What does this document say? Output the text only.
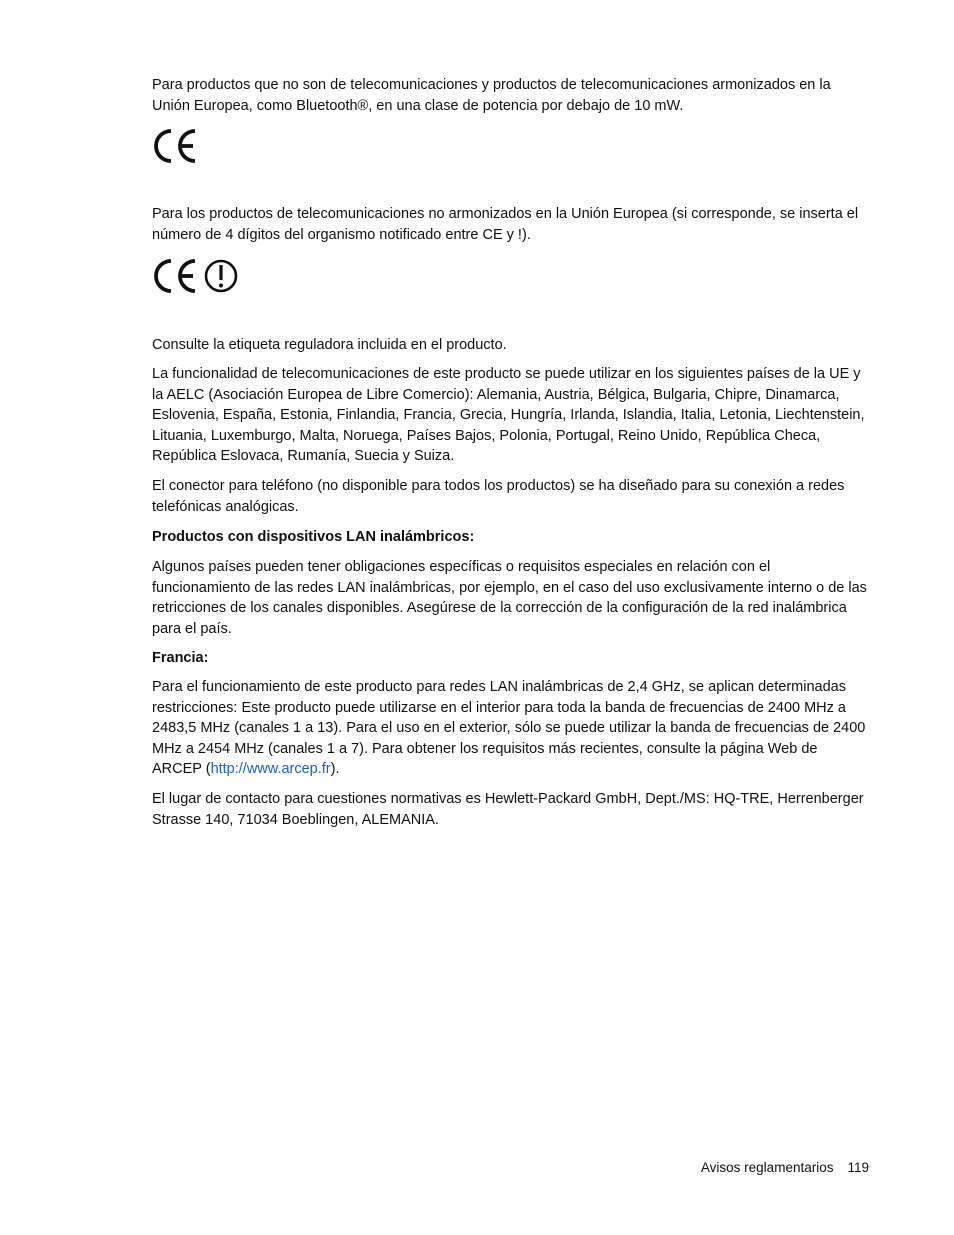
Para productos que no son de telecomunicaciones y productos de telecomunicaciones armonizados en la Unión Europea, como Bluetooth®, en una clase de potencia por debajo de 10 mW.

Para los productos de telecomunicaciones no armonizados en la Unión Europea (si corresponde, se inserta el número de 4 dígitos del organismo notificado entre CE y !).

Consulte la etiqueta reguladora incluida en el producto.

La funcionalidad de telecomunicaciones de este producto se puede utilizar en los siguientes países de la UE y la AELC (Asociación Europea de Libre Comercio): Alemania, Austria, Bélgica, Bulgaria, Chipre, Dinamarca, Eslovenia, España, Estonia, Finlandia, Francia, Grecia, Hungría, Irlanda, Islandia, Italia, Letonia, Liechtenstein, Lituania, Luxemburgo, Malta, Noruega, Países Bajos, Polonia, Portugal, Reino Unido, República Checa, República Eslovaca, Rumanía, Suecia y Suiza.

El conector para teléfono (no disponible para todos los productos) se ha diseñado para su conexión a redes telefónicas analógicas.

Productos con dispositivos LAN inalámbricos:

Algunos países pueden tener obligaciones específicas o requisitos especiales en relación con el funcionamiento de las redes LAN inalámbricas, por ejemplo, en el caso del uso exclusivamente interno o de las retricciones de los canales disponibles. Asegúrese de la corrección de la configuración de la red inalámbrica para el país.

Francia:

Para el funcionamiento de este producto para redes LAN inalámbricas de 2,4 GHz, se aplican determinadas restricciones: Este producto puede utilizarse en el interior para toda la banda de frecuencias de 2400 MHz a 2483,5 MHz (canales 1 a 13). Para el uso en el exterior, sólo se puede utilizar la banda de frecuencias de 2400 MHz a 2454 MHz (canales 1 a 7). Para obtener los requisitos más recientes, consulte la página Web de ARCEP (http://www.arcep.fr).

El lugar de contacto para cuestiones normativas es Hewlett-Packard GmbH, Dept./MS: HQ-TRE, Herrenberger Strasse 140, 71034 Boeblingen, ALEMANIA.

Avisos reglamentarios 119
